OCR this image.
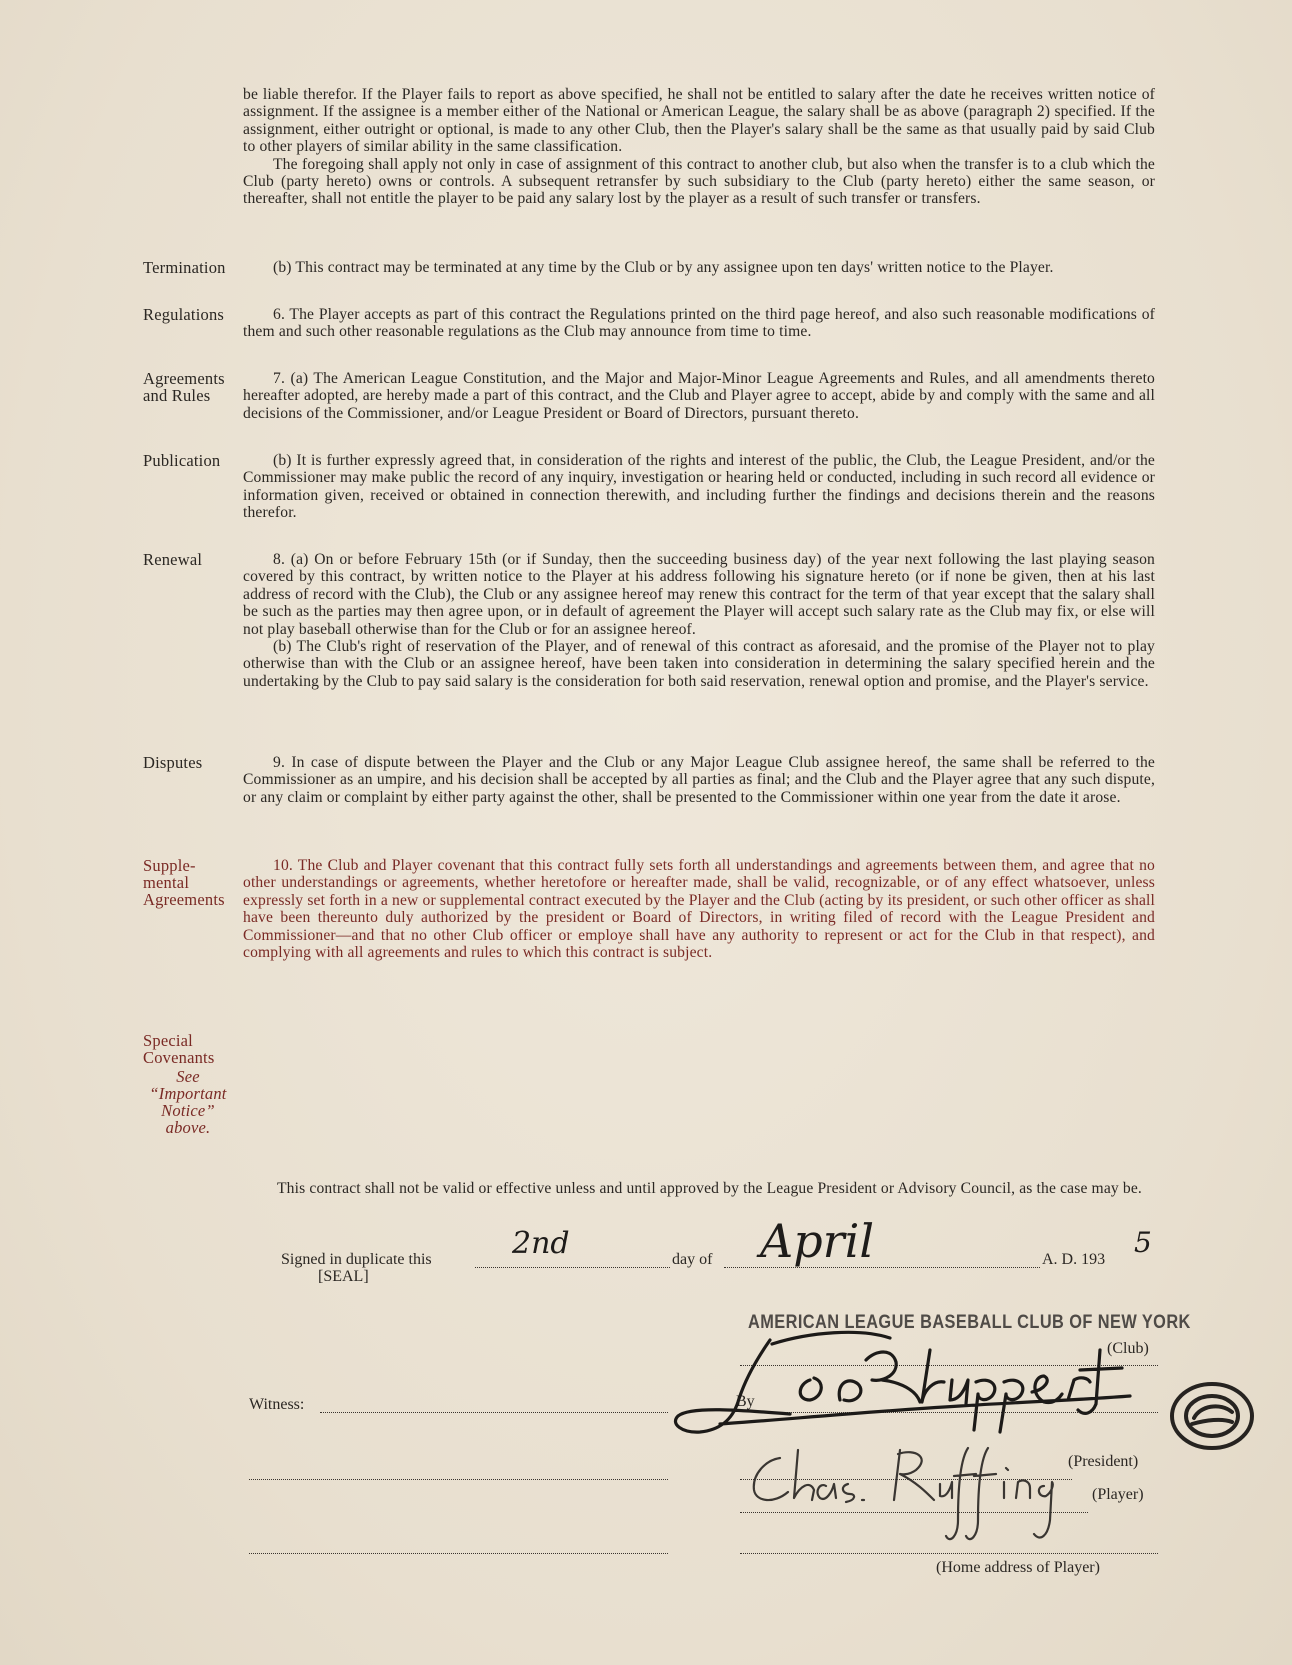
be liable therefor. If the Player fails to report as above specified, he shall not be entitled to salary after the date he receives written notice of assignment. If the assignee is a member either of the National or American League, the salary shall be as above (paragraph 2) specified. If the assignment, either outright or optional, is made to any other Club, then the Player's salary shall be the same as that usually paid by said Club to other players of similar ability in the same classification.

The foregoing shall apply not only in case of assignment of this contract to another club, but also when the transfer is to a club which the Club (party hereto) owns or controls. A subsequent retransfer by such subsidiary to the Club (party hereto) either the same season, or thereafter, shall not entitle the player to be paid any salary lost by the player as a result of such transfer or transfers.

Termination	(b) This contract may be terminated at any time by the Club or by any assignee upon ten days' written notice to the Player.

Regulations	6. The Player accepts as part of this contract the Regulations printed on the third page hereof, and also such reasonable modifications of them and such other reasonable regulations as the Club may announce from time to time.

Agreements
and Rules

7. (a) The American League Constitution, and the Major and Major-Minor League Agreements and Rules, and all amendments thereto hereafter adopted, are hereby made a part of this contract, and the Club and Player agree to accept, abide by and comply with the same and all decisions of the Commissioner, and/or League President or Board of Directors, pursuant thereto.

Publication	(b) It is further expressly agreed that, in consideration of the rights and interest of the public, the Club, the League President, and/or the Commissioner may make public the record of any inquiry, investigation or hearing held or conducted, including in such record all evidence or information given, received or obtained in connection therewith, and including further the findings and decisions therein and the reasons therefor.

Renewal	8. (a) On or before February 15th (or if Sunday, then the succeeding business day) of the year next following the last playing season covered by this contract, by written notice to the Player at his address following his signature hereto (or if none be given, then at his last address of record with the Club), the Club or any assignee hereof may renew this contract for the term of that year except that the salary shall be such as the parties may then agree upon, or in default of agreement the Player will accept such salary rate as the Club may fix, or else will not play baseball otherwise than for the Club or for an assignee hereof.

(b) The Club's right of reservation of the Player, and of renewal of this contract as aforesaid, and the promise of the Player not to play otherwise than with the Club or an assignee hereof, have been taken into consideration in determining the salary specified herein and the undertaking by the Club to pay said salary is the consideration for both said reservation, renewal option and promise, and the Player's service.

Disputes	9. In case of dispute between the Player and the Club or any Major League Club assignee hereof, the same shall be referred to the Commissioner as an umpire, and his decision shall be accepted by all parties as final; and the Club and the Player agree that any such dispute, or any claim or complaint by either party against the other, shall be presented to the Commissioner within one year from the date it arose.

Supple-
mental
Agreements

10. The Club and Player covenant that this contract fully sets forth all understandings and agreements between them, and agree that no other understandings or agreements, whether heretofore or hereafter made, shall be valid, recognizable, or of any effect whatsoever, unless expressly set forth in a new or supplemental contract executed by the Player and the Club (acting by its president, or such other officer as shall have been thereunto duly authorized by the president or Board of Directors, in writing filed of record with the League President and Commissioner—and that no other Club officer or employe shall have any authority to represent or act for the Club in that respect), and complying with all agreements and rules to which this contract is subject.

Special
Covenants
See
“Important
Notice”
above.

This contract shall not be valid or effective unless and until approved by the League President or Advisory Council, as the case may be.

Signed in duplicate this	2nd	day of April	A. D. 193
5
[SEAL]
AMERICAN LEAGUE BASEBALL CLUB OF NEW YORK
(Club)
Witness:	By
Jacob Ruppert
(President)
Chas. Ruffing
(Player)
(Home address of Player)
